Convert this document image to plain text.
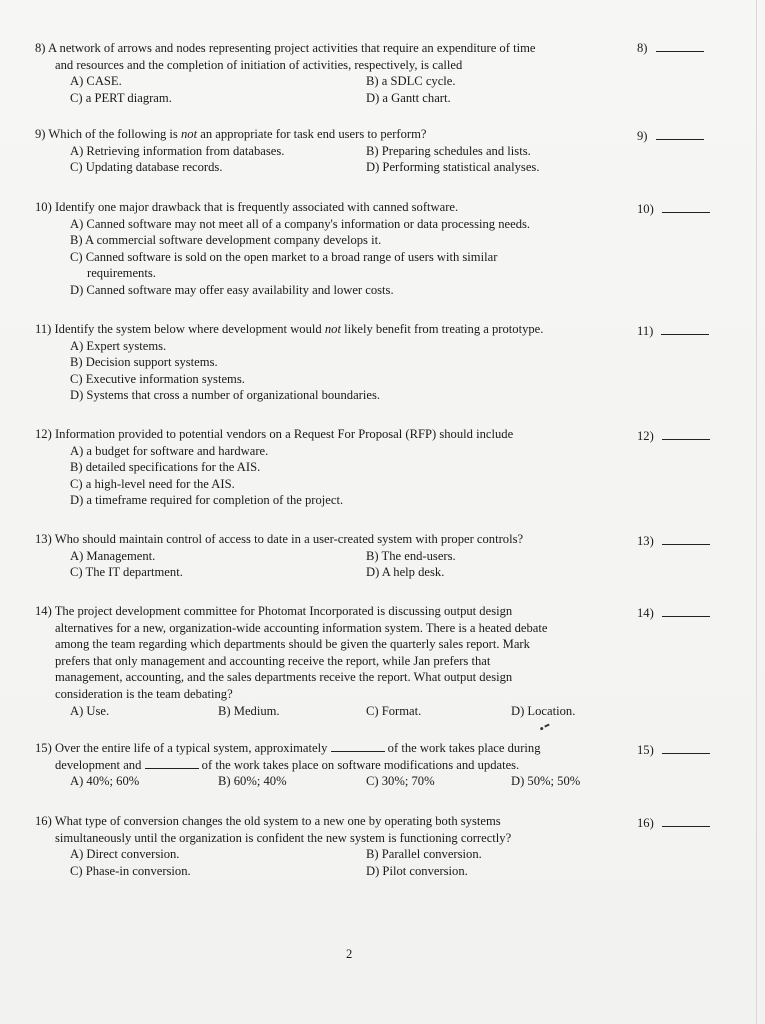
8) A network of arrows and nodes representing project activities that require an expenditure of time
and resources and the completion of initiation of activities, respectively, is called
A) CASE.	B) a SDLC cycle.
C) a PERT diagram.	D) a Gantt chart.
8)
9) Which of the following is not an appropriate for task end users to perform?
A) Retrieving information from databases.	B) Preparing schedules and lists.
C) Updating database records.	D) Performing statistical analyses.
9)
10) Identify one major drawback that is frequently associated with canned software.
A) Canned software may not meet all of a company's information or data processing needs.
B) A commercial software development company develops it.
C) Canned software is sold on the open market to a broad range of users with similar
requirements.
D) Canned software may offer easy availability and lower costs.
10)
11) Identify the system below where development would not likely benefit from treating a prototype.
A) Expert systems.
B) Decision support systems.
C) Executive information systems.
D) Systems that cross a number of organizational boundaries.
11)
12) Information provided to potential vendors on a Request For Proposal (RFP) should include
A) a budget for software and hardware.
B) detailed specifications for the AIS.
C) a high-level need for the AIS.
D) a timeframe required for completion of the project.
12)
13) Who should maintain control of access to date in a user-created system with proper controls?
A) Management.	B) The end-users.
C) The IT department.	D) A help desk.
13)
14) The project development committee for Photomat Incorporated is discussing output design
alternatives for a new, organization-wide accounting information system. There is a heated debate
among the team regarding which departments should be given the quarterly sales report. Mark
prefers that only management and accounting receive the report, while Jan prefers that
management, accounting, and the sales departments receive the report. What output design
consideration is the team debating?
A) Use.	B) Medium.	C) Format.	D) Location.
14)
15) Over the entire life of a typical system, approximately	of the work takes place during
development and	of the work takes place on software modifications and updates.
A) 40%; 60%	B) 60%; 40%	C) 30%; 70%	D) 50%; 50%
15)
16) What type of conversion changes the old system to a new one by operating both systems
simultaneously until the organization is confident the new system is functioning correctly?
A) Direct conversion.	B) Parallel conversion.
C) Phase-in conversion.	D) Pilot conversion.
16)
2
